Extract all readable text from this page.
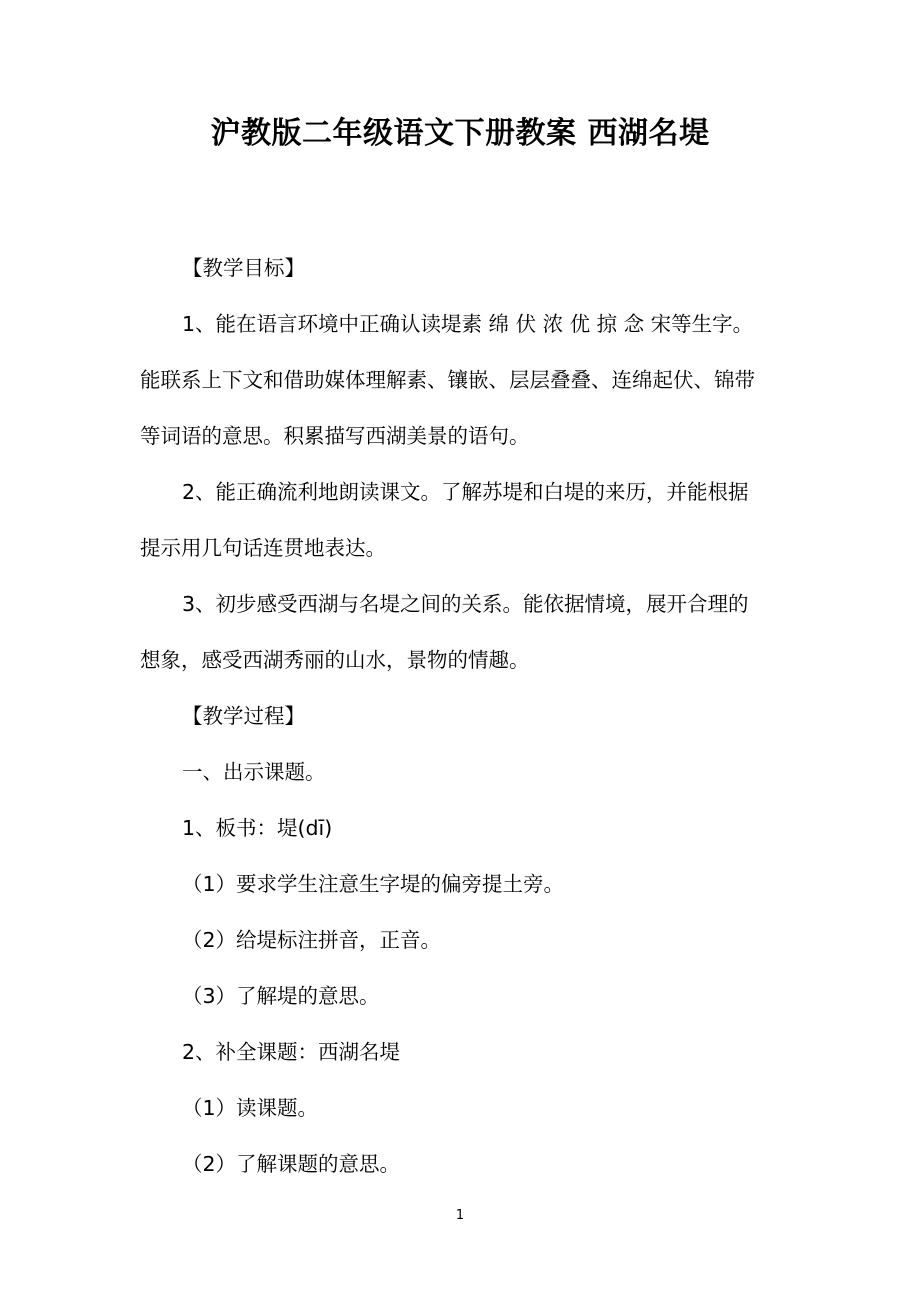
沪教版二年级语文下册教案 西湖名堤

【教学目标】

1、能在语言环境中正确认读堤素 绵 伏 浓 优 掠 念 宋等生字。

能联系上下文和借助媒体理解素、镶嵌、层层叠叠、连绵起伏、锦带

等词语的意思。积累描写西湖美景的语句。

2、能正确流利地朗读课文。了解苏堤和白堤的来历，并能根据

提示用几句话连贯地表达。

3、初步感受西湖与名堤之间的关系。能依据情境，展开合理的

想象，感受西湖秀丽的山水，景物的情趣。

【教学过程】

一、出示课题。

1、板书：堤(dī)

（1）要求学生注意生字堤的偏旁提土旁。

（2）给堤标注拼音，正音。

（3）了解堤的意思。

2、补全课题：西湖名堤

（1）读课题。

（2）了解课题的意思。

1
